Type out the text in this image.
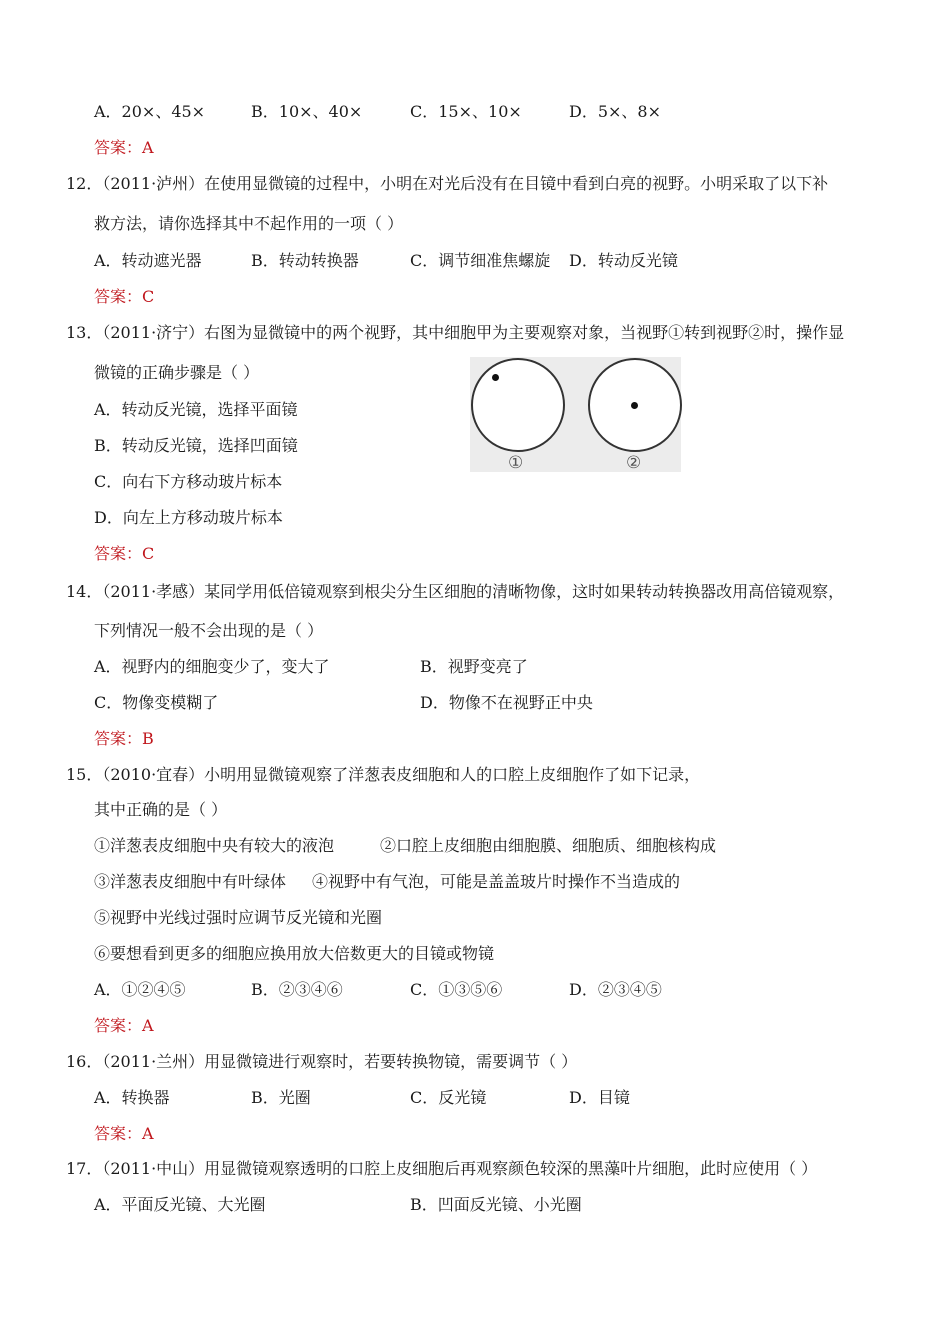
A．20×、45×	B．10×、40×	C．15×、10×	D．5×、8×
答案：A
12．（2011·泸州）在使用显微镜的过程中，小明在对光后没有在目镜中看到白亮的视野。小明采取了以下补
救方法，请你选择其中不起作用的一项（ ）
A．转动遮光器	B．转动转换器	C．调节细准焦螺旋 D．转动反光镜
答案：C
13．（2011·济宁）右图为显微镜中的两个视野，其中细胞甲为主要观察对象，当视野①转到视野②时，操作显
微镜的正确步骤是（ ）
A．转动反光镜，选择平面镜
B．转动反光镜，选择凹面镜
C．向右下方移动玻片标本
D．向左上方移动玻片标本
答案：C
①	②
14．（2011·孝感）某同学用低倍镜观察到根尖分生区细胞的清晰物像，这时如果转动转换器改用高倍镜观察，
下列情况一般不会出现的是（ ）
A．视野内的细胞变少了，变大了	B．视野变亮了
C．物像变模糊了	D．物像不在视野正中央
答案：B
15．（2010·宜春）小明用显微镜观察了洋葱表皮细胞和人的口腔上皮细胞作了如下记录，
其中正确的是（ ）
①洋葱表皮细胞中央有较大的液泡	②口腔上皮细胞由细胞膜、细胞质、细胞核构成
③洋葱表皮细胞中有叶绿体 ④视野中有气泡，可能是盖盖玻片时操作不当造成的
⑤视野中光线过强时应调节反光镜和光圈
⑥要想看到更多的细胞应换用放大倍数更大的目镜或物镜
A．①②④⑤	B．②③④⑥	C．①③⑤⑥	D．②③④⑤
答案：A
16．（2011·兰州）用显微镜进行观察时，若要转换物镜，需要调节（ ）
A．转换器	B．光圈	C．反光镜	D．目镜
答案：A
17．（2011·中山）用显微镜观察透明的口腔上皮细胞后再观察颜色较深的黑藻叶片细胞，此时应使用（ ）
A．平面反光镜、大光圈	B．凹面反光镜、小光圈
